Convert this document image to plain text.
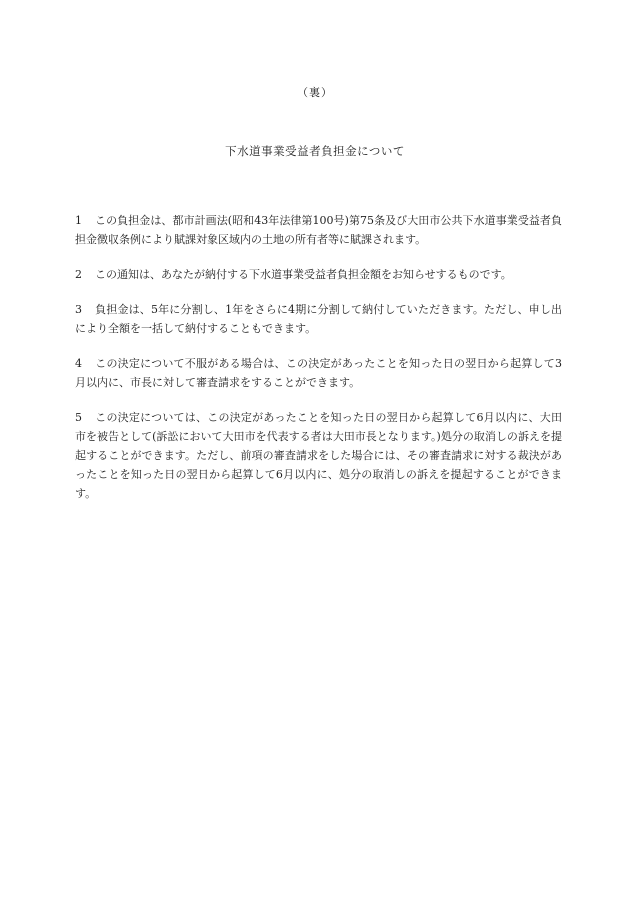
（裏）
下水道事業受益者負担金について

1 この負担金は、都市計画法(昭和43年法律第100号)第75条及び大田市公共下水道事業受益者負担金徴収条例により賦課対象区域内の土地の所有者等に賦課されます。

2 この通知は、あなたが納付する下水道事業受益者負担金額をお知らせするものです。

3 負担金は、5年に分割し、1年をさらに4期に分割して納付していただきます。ただし、申し出により全額を一括して納付することもできます。

4 この決定について不服がある場合は、この決定があったことを知った日の翌日から起算して3月以内に、市長に対して審査請求をすることができます。

5 この決定については、この決定があったことを知った日の翌日から起算して6月以内に、大田市を被告として(訴訟において大田市を代表する者は大田市長となります。)処分の取消しの訴えを提起することができます。ただし、前項の審査請求をした場合には、その審査請求に対する裁決があったことを知った日の翌日から起算して6月以内に、処分の取消しの訴えを提起することができます。
